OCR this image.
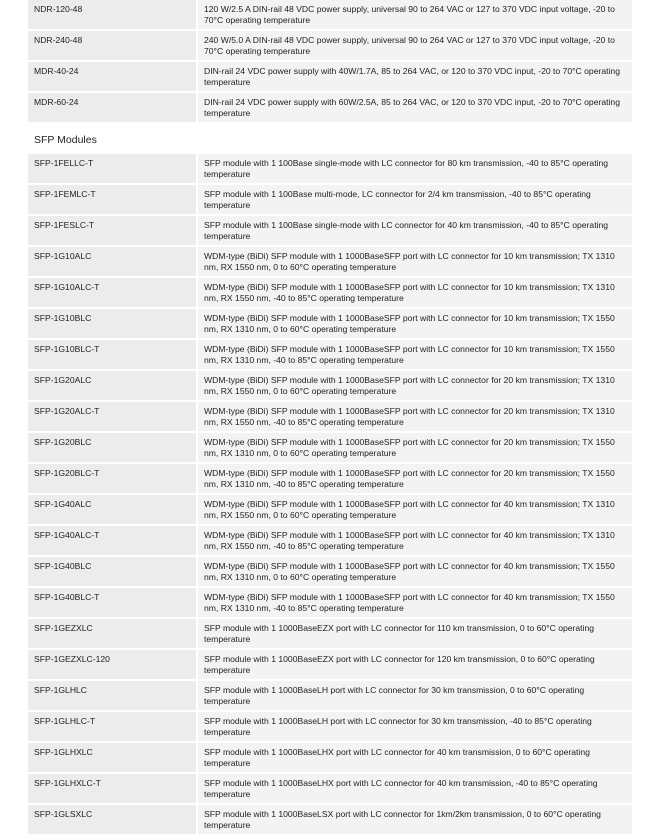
NDR-120-48	120 W/2.5 A DIN-rail 48 VDC power supply, universal 90 to 264 VAC or 127 to 370 VDC input voltage, -20 to 70°C operating temperature
NDR-240-48	240 W/5.0 A DIN-rail 48 VDC power supply, universal 90 to 264 VAC or 127 to 370 VDC input voltage, -20 to 70°C operating temperature
MDR-40-24	DIN-rail 24 VDC power supply with 40W/1.7A, 85 to 264 VAC, or 120 to 370 VDC input, -20 to 70°C operating temperature
MDR-60-24	DIN-rail 24 VDC power supply with 60W/2.5A, 85 to 264 VAC, or 120 to 370 VDC input, -20 to 70°C operating temperature
SFP Modules
SFP-1FELLC-T	SFP module with 1 100Base single-mode with LC connector for 80 km transmission, -40 to 85°C operating temperature
SFP-1FEMLC-T	SFP module with 1 100Base multi-mode, LC connector for 2/4 km transmission, -40 to 85°C operating temperature
SFP-1FESLC-T	SFP module with 1 100Base single-mode with LC connector for 40 km transmission, -40 to 85°C operating temperature
SFP-1G10ALC	WDM-type (BiDi) SFP module with 1 1000BaseSFP port with LC connector for 10 km transmission; TX 1310 nm, RX 1550 nm, 0 to 60°C operating temperature
SFP-1G10ALC-T	WDM-type (BiDi) SFP module with 1 1000BaseSFP port with LC connector for 10 km transmission; TX 1310 nm, RX 1550 nm, -40 to 85°C operating temperature
SFP-1G10BLC	WDM-type (BiDi) SFP module with 1 1000BaseSFP port with LC connector for 10 km transmission; TX 1550 nm, RX 1310 nm, 0 to 60°C operating temperature
SFP-1G10BLC-T	WDM-type (BiDi) SFP module with 1 1000BaseSFP port with LC connector for 10 km transmission; TX 1550 nm, RX 1310 nm, -40 to 85°C operating temperature
SFP-1G20ALC	WDM-type (BiDi) SFP module with 1 1000BaseSFP port with LC connector for 20 km transmission; TX 1310 nm, RX 1550 nm, 0 to 60°C operating temperature
SFP-1G20ALC-T	WDM-type (BiDi) SFP module with 1 1000BaseSFP port with LC connector for 20 km transmission; TX 1310 nm, RX 1550 nm, -40 to 85°C operating temperature
SFP-1G20BLC	WDM-type (BiDi) SFP module with 1 1000BaseSFP port with LC connector for 20 km transmission; TX 1550 nm, RX 1310 nm, 0 to 60°C operating temperature
SFP-1G20BLC-T	WDM-type (BiDi) SFP module with 1 1000BaseSFP port with LC connector for 20 km transmission; TX 1550 nm, RX 1310 nm, -40 to 85°C operating temperature
SFP-1G40ALC	WDM-type (BiDi) SFP module with 1 1000BaseSFP port with LC connector for 40 km transmission; TX 1310 nm, RX 1550 nm, 0 to 60°C operating temperature
SFP-1G40ALC-T	WDM-type (BiDi) SFP module with 1 1000BaseSFP port with LC connector for 40 km transmission; TX 1310 nm, RX 1550 nm, -40 to 85°C operating temperature
SFP-1G40BLC	WDM-type (BiDi) SFP module with 1 1000BaseSFP port with LC connector for 40 km transmission; TX 1550 nm, RX 1310 nm, 0 to 60°C operating temperature
SFP-1G40BLC-T	WDM-type (BiDi) SFP module with 1 1000BaseSFP port with LC connector for 40 km transmission; TX 1550 nm, RX 1310 nm, -40 to 85°C operating temperature
SFP-1GEZXLC	SFP module with 1 1000BaseEZX port with LC connector for 110 km transmission, 0 to 60°C operating temperature
SFP-1GEZXLC-120	SFP module with 1 1000BaseEZX port with LC connector for 120 km transmission, 0 to 60°C operating temperature
SFP-1GLHLC	SFP module with 1 1000BaseLH port with LC connector for 30 km transmission, 0 to 60°C operating temperature
SFP-1GLHLC-T	SFP module with 1 1000BaseLH port with LC connector for 30 km transmission, -40 to 85°C operating temperature
SFP-1GLHXLC	SFP module with 1 1000BaseLHX port with LC connector for 40 km transmission, 0 to 60°C operating temperature
SFP-1GLHXLC-T	SFP module with 1 1000BaseLHX port with LC connector for 40 km transmission, -40 to 85°C operating temperature
SFP-1GLSXLC	SFP module with 1 1000BaseLSX port with LC connector for 1km/2km transmission, 0 to 60°C operating temperature
